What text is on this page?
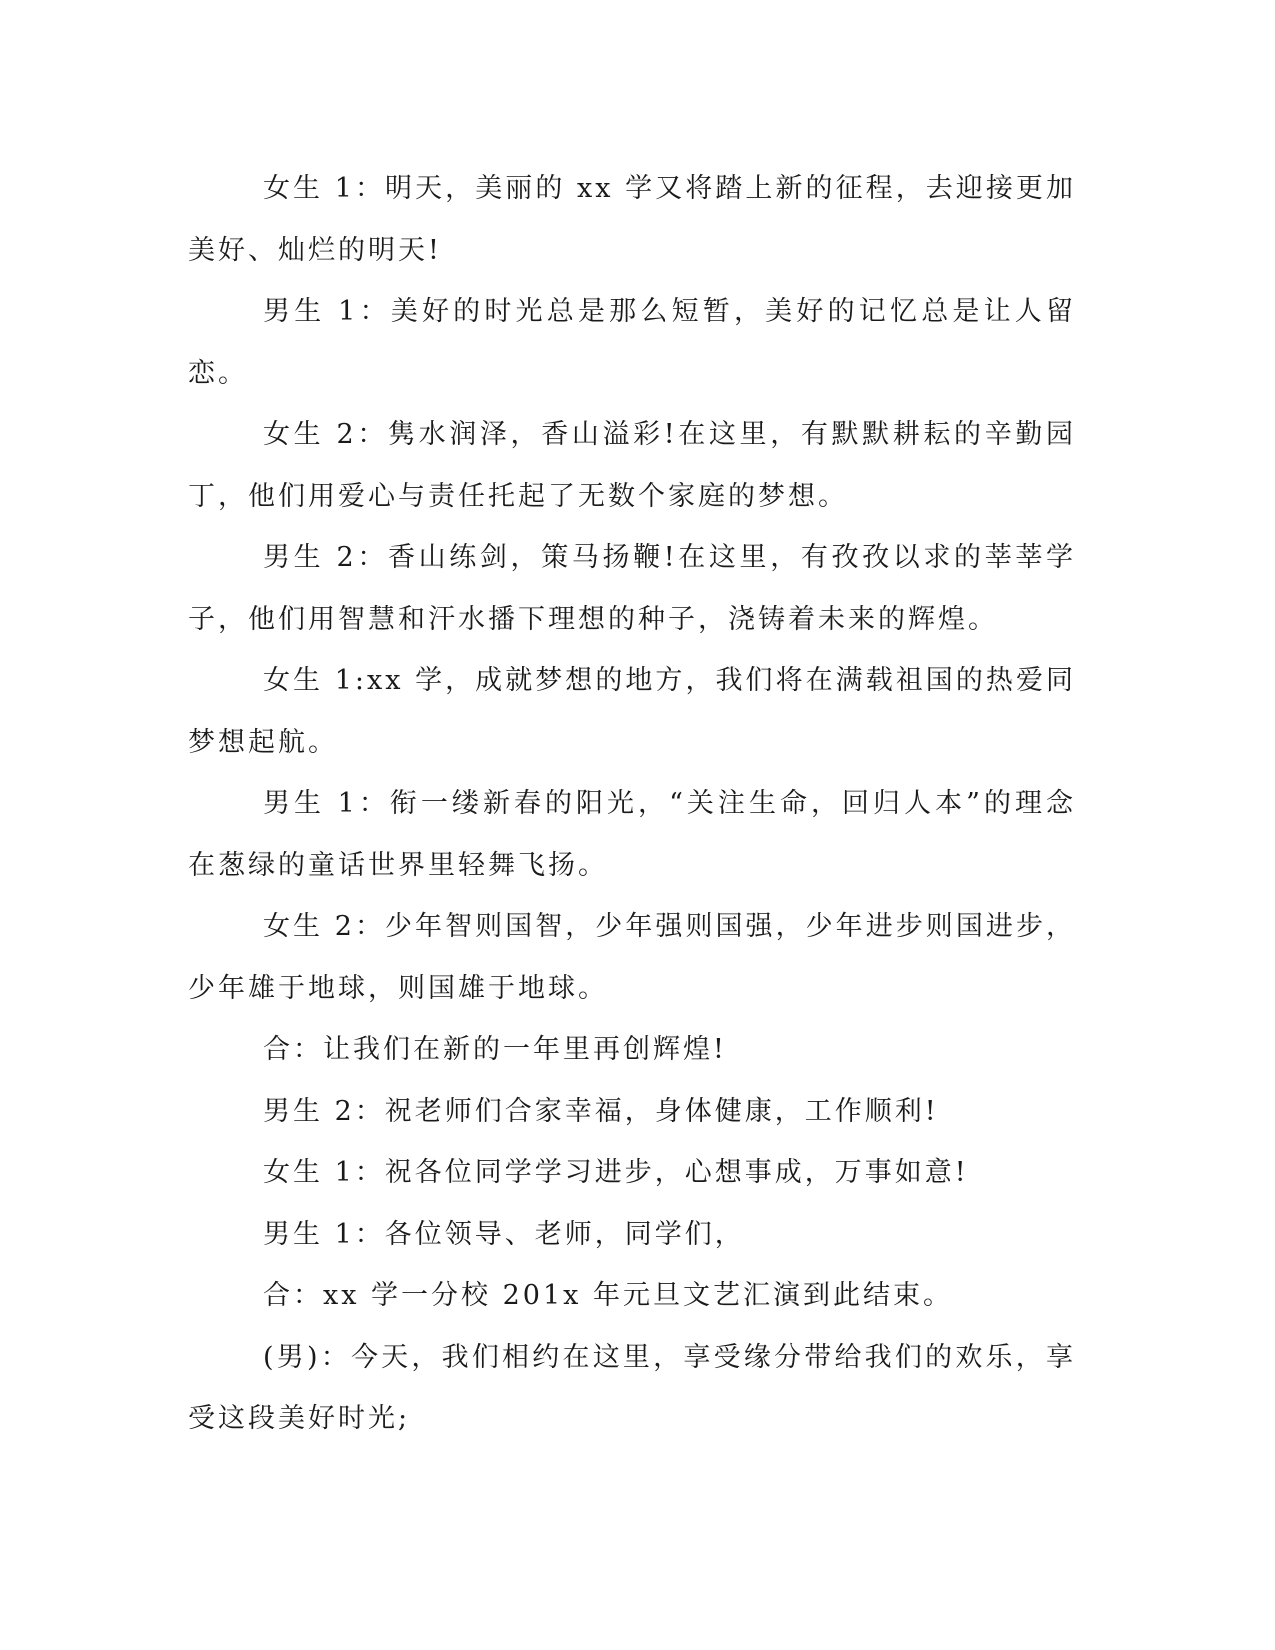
女生 1：明天，美丽的 xx 学又将踏上新的征程，去迎接更加美好、灿烂的明天!

男生 1：美好的时光总是那么短暂，美好的记忆总是让人留恋。

女生 2：隽水润泽，香山溢彩!在这里，有默默耕耘的辛勤园丁，他们用爱心与责任托起了无数个家庭的梦想。

男生 2：香山练剑，策马扬鞭!在这里，有孜孜以求的莘莘学子，他们用智慧和汗水播下理想的种子，浇铸着未来的辉煌。

女生 1:xx 学，成就梦想的地方，我们将在满载祖国的热爱同梦想起航。

男生 1：衔一缕新春的阳光，“关注生命，回归人本”的理念在葱绿的童话世界里轻舞飞扬。

女生 2：少年智则国智，少年强则国强，少年进步则国进步，少年雄于地球，则国雄于地球。

合：让我们在新的一年里再创辉煌!

男生 2：祝老师们合家幸福，身体健康，工作顺利!

女生 1：祝各位同学学习进步，心想事成，万事如意!

男生 1：各位领导、老师，同学们，

合：xx 学一分校 201x 年元旦文艺汇演到此结束。

(男)：今天，我们相约在这里，享受缘分带给我们的欢乐，享受这段美好时光;
